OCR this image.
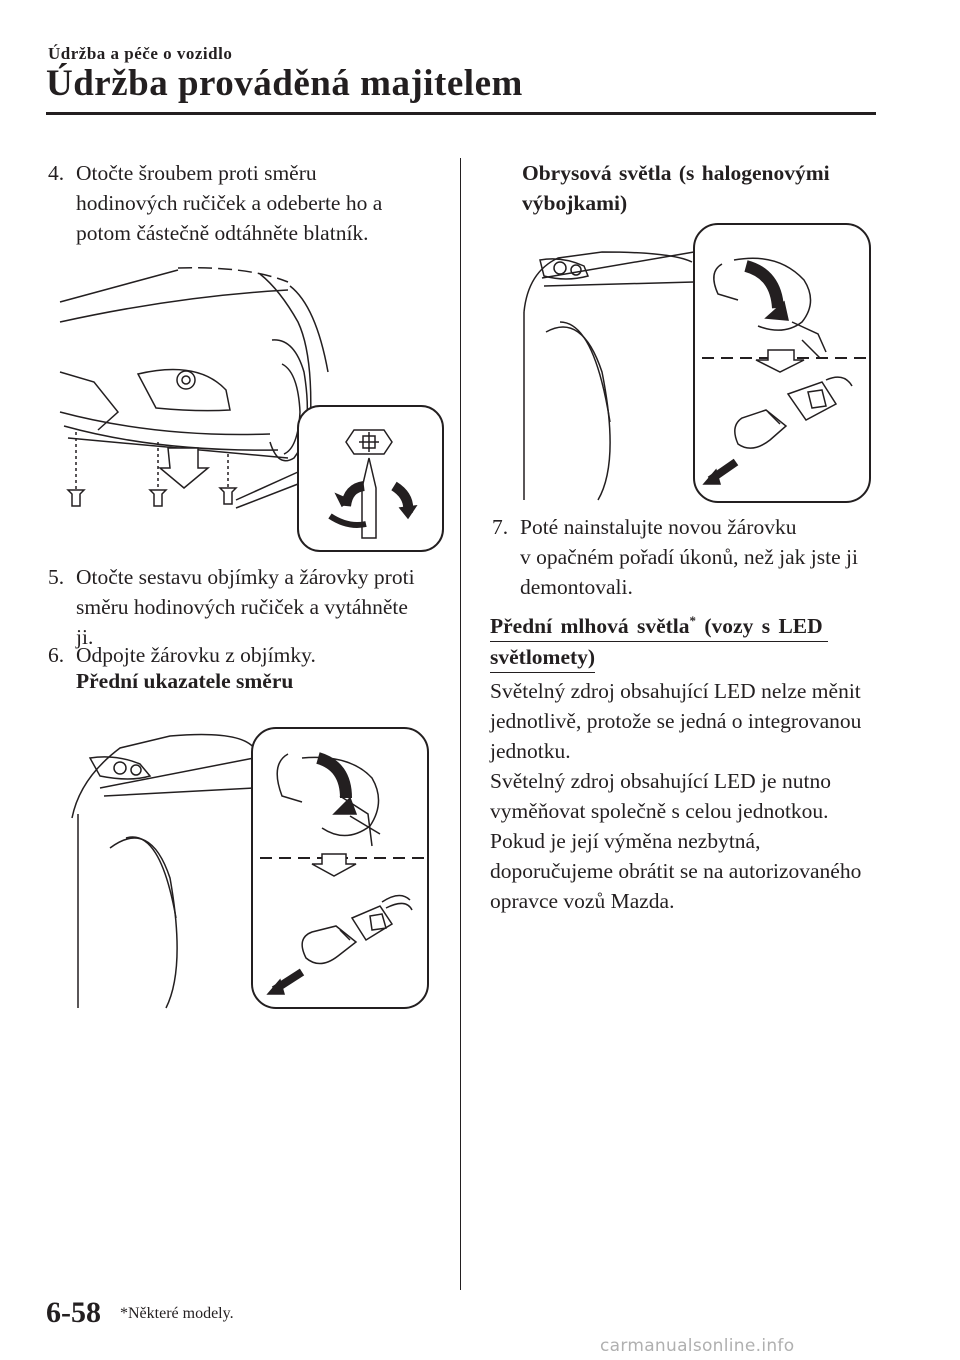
Údržba a péče o vozidlo
Údržba prováděná majitelem
4. Otočte šroubem proti směru
hodinových ručiček a odeberte ho a
potom částečně odtáhněte blatník.
5. Otočte sestavu objímky a žárovky proti
směru hodinových ručiček a vytáhněte
ji.
6. Odpojte žárovku z objímky.
Přední ukazatele směru
Obrysová světla (s halogenovými
výbojkami)
7. Poté nainstalujte novou žárovku
v opačném pořadí úkonů, než jak jste ji
demontovali.
Přední mlhová světla* (vozy s LED
světlomety)
Světelný zdroj obsahující LED nelze měnit
jednotlivě, protože se jedná o integrovanou
jednotku.
Světelný zdroj obsahující LED je nutno
vyměňovat společně s celou jednotkou.
Pokud je její výměna nezbytná,
doporučujeme obrátit se na autorizovaného
opravce vozů Mazda.
6-58 *Některé modely.
carmanualsonline.info
